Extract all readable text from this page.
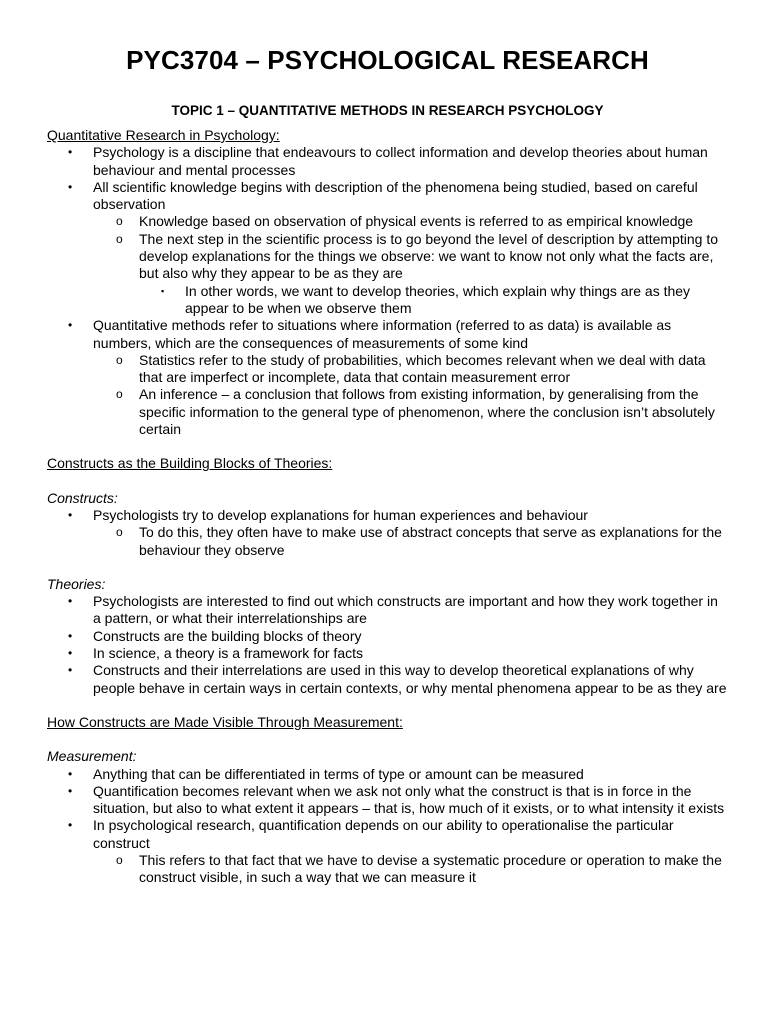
PYC3704 – PSYCHOLOGICAL RESEARCH
TOPIC 1 – QUANTITATIVE METHODS IN RESEARCH PSYCHOLOGY

Quantitative Research in Psychology:

• Psychology is a discipline that endeavours to collect information and develop theories about human behaviour and mental processes
• All scientific knowledge begins with description of the phenomena being studied, based on careful observation
o Knowledge based on observation of physical events is referred to as empirical knowledge
o The next step in the scientific process is to go beyond the level of description by attempting to develop explanations for the things we observe: we want to know not only what the facts are, but also why they appear to be as they are
▪ In other words, we want to develop theories, which explain why things are as they appear to be when we observe them
• Quantitative methods refer to situations where information (referred to as data) is available as numbers, which are the consequences of measurements of some kind
o Statistics refer to the study of probabilities, which becomes relevant when we deal with data that are imperfect or incomplete, data that contain measurement error
o An inference – a conclusion that follows from existing information, by generalising from the specific information to the general type of phenomenon, where the conclusion isn’t absolutely certain

Constructs as the Building Blocks of Theories:

Constructs:

• Psychologists try to develop explanations for human experiences and behaviour
o To do this, they often have to make use of abstract concepts that serve as explanations for the behaviour they observe

Theories:

• Psychologists are interested to find out which constructs are important and how they work together in a pattern, or what their interrelationships are
• Constructs are the building blocks of theory
• In science, a theory is a framework for facts
• Constructs and their interrelations are used in this way to develop theoretical explanations of why people behave in certain ways in certain contexts, or why mental phenomena appear to be as they are

How Constructs are Made Visible Through Measurement:

Measurement:

• Anything that can be differentiated in terms of type or amount can be measured
• Quantification becomes relevant when we ask not only what the construct is that is in force in the situation, but also to what extent it appears – that is, how much of it exists, or to what intensity it exists
• In psychological research, quantification depends on our ability to operationalise the particular construct
o This refers to that fact that we have to devise a systematic procedure or operation to make the construct visible, in such a way that we can measure it
